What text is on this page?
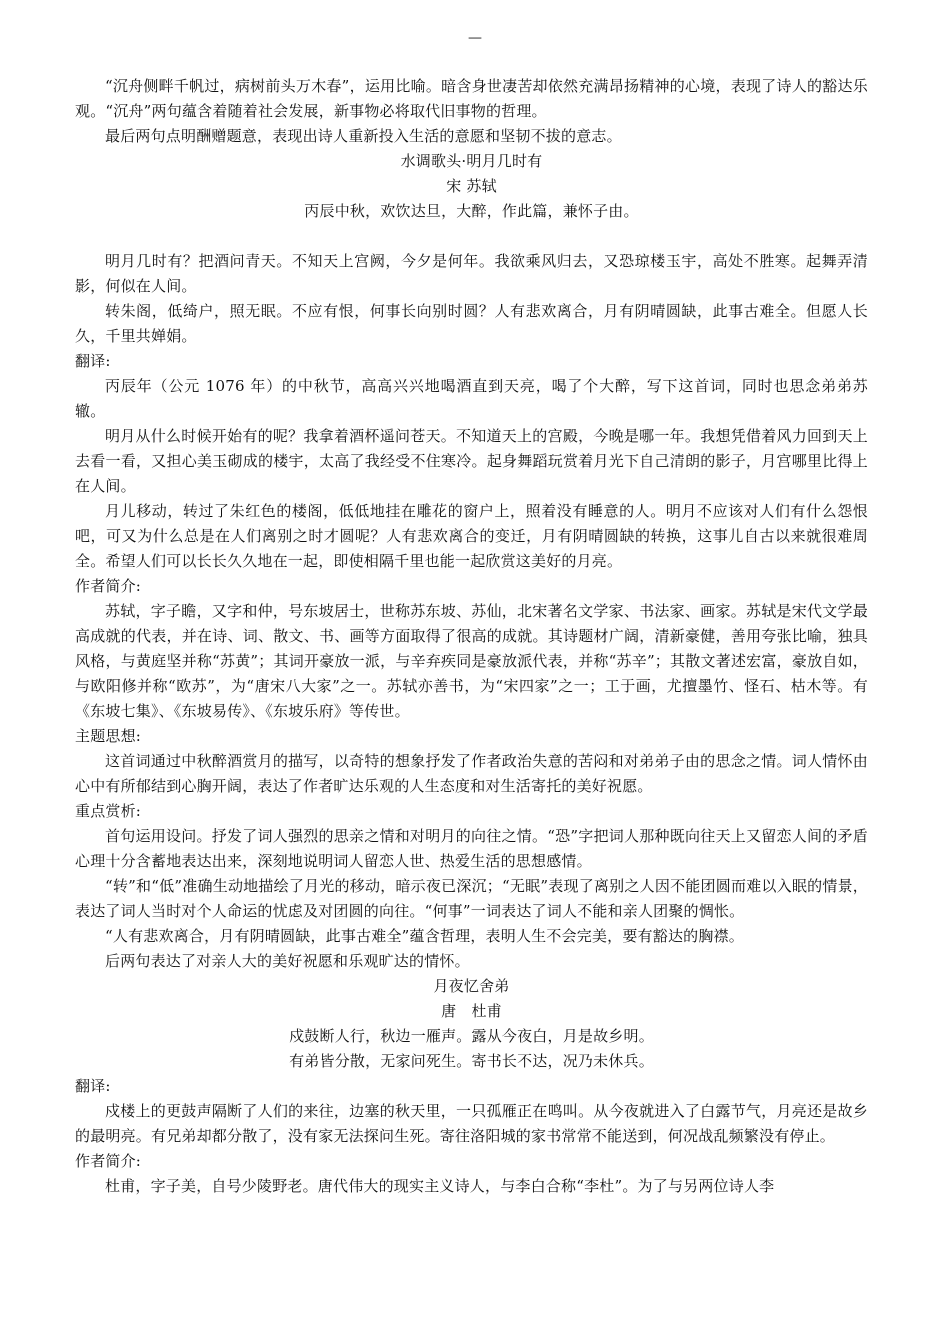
—

“沉舟侧畔千帆过，病树前头万木春”，运用比喻。暗含身世凄苦却依然充满昂扬精神的心境，表现了诗人的豁达乐观。“沉舟”两句蕴含着随着社会发展，新事物必将取代旧事物的哲理。

最后两句点明酬赠题意，表现出诗人重新投入生活的意愿和坚韧不拔的意志。

水调歌头·明月几时有

宋 苏轼

丙辰中秋，欢饮达旦，大醉，作此篇，兼怀子由。

明月几时有？把酒问青天。不知天上宫阙，今夕是何年。我欲乘风归去，又恐琼楼玉宇，高处不胜寒。起舞弄清影，何似在人间。

转朱阁，低绮户，照无眠。不应有恨，何事长向别时圆？人有悲欢离合，月有阴晴圆缺，此事古难全。但愿人长久，千里共婵娟。

翻译:

丙辰年（公元 1076 年）的中秋节，高高兴兴地喝酒直到天亮，喝了个大醉，写下这首词，同时也思念弟弟苏辙。

明月从什么时候开始有的呢？我拿着酒杯遥问苍天。不知道天上的宫殿，今晚是哪一年。我想凭借着风力回到天上去看一看，又担心美玉砌成的楼宇，太高了我经受不住寒冷。起身舞蹈玩赏着月光下自己清朗的影子，月宫哪里比得上在人间。

月儿移动，转过了朱红色的楼阁，低低地挂在雕花的窗户上，照着没有睡意的人。明月不应该对人们有什么怨恨吧，可又为什么总是在人们离别之时才圆呢？人有悲欢离合的变迁，月有阴晴圆缺的转换，这事儿自古以来就很难周全。希望人们可以长长久久地在一起，即使相隔千里也能一起欣赏这美好的月亮。

作者简介:

苏轼，字子瞻，又字和仲，号东坡居士，世称苏东坡、苏仙，北宋著名文学家、书法家、画家。苏轼是宋代文学最高成就的代表，并在诗、词、散文、书、画等方面取得了很高的成就。其诗题材广阔，清新豪健，善用夸张比喻，独具风格，与黄庭坚并称“苏黄”；其词开豪放一派，与辛弃疾同是豪放派代表，并称“苏辛”；其散文著述宏富，豪放自如，与欧阳修并称“欧苏”，为“唐宋八大家”之一。苏轼亦善书，为“宋四家”之一；工于画，尤擅墨竹、怪石、枯木等。有《东坡七集》、《东坡易传》、《东坡乐府》等传世。

主题思想:

这首词通过中秋醉酒赏月的描写，以奇特的想象抒发了作者政治失意的苦闷和对弟弟子由的思念之情。词人情怀由心中有所郁结到心胸开阔，表达了作者旷达乐观的人生态度和对生活寄托的美好祝愿。

重点赏析:

首句运用设问。抒发了词人强烈的思亲之情和对明月的向往之情。“恐”字把词人那种既向往天上又留恋人间的矛盾心理十分含蓄地表达出来，深刻地说明词人留恋人世、热爱生活的思想感情。

“转”和“低”准确生动地描绘了月光的移动，暗示夜已深沉；“无眠”表现了离别之人因不能团圆而难以入眠的情景，表达了词人当时对个人命运的忧虑及对团圆的向往。“何事”一词表达了词人不能和亲人团聚的惆怅。

“人有悲欢离合，月有阴晴圆缺，此事古难全”蕴含哲理，表明人生不会完美，要有豁达的胸襟。

后两句表达了对亲人大的美好祝愿和乐观旷达的情怀。

月夜忆舍弟

唐　杜甫

戍鼓断人行，秋边一雁声。露从今夜白，月是故乡明。

有弟皆分散，无家问死生。寄书长不达，况乃未休兵。

翻译:

戍楼上的更鼓声隔断了人们的来往，边塞的秋天里，一只孤雁正在鸣叫。从今夜就进入了白露节气，月亮还是故乡的最明亮。有兄弟却都分散了，没有家无法探问生死。寄往洛阳城的家书常常不能送到，何况战乱频繁没有停止。

作者简介:

杜甫，字子美，自号少陵野老。唐代伟大的现实主义诗人，与李白合称“李杜”。为了与另两位诗人李
